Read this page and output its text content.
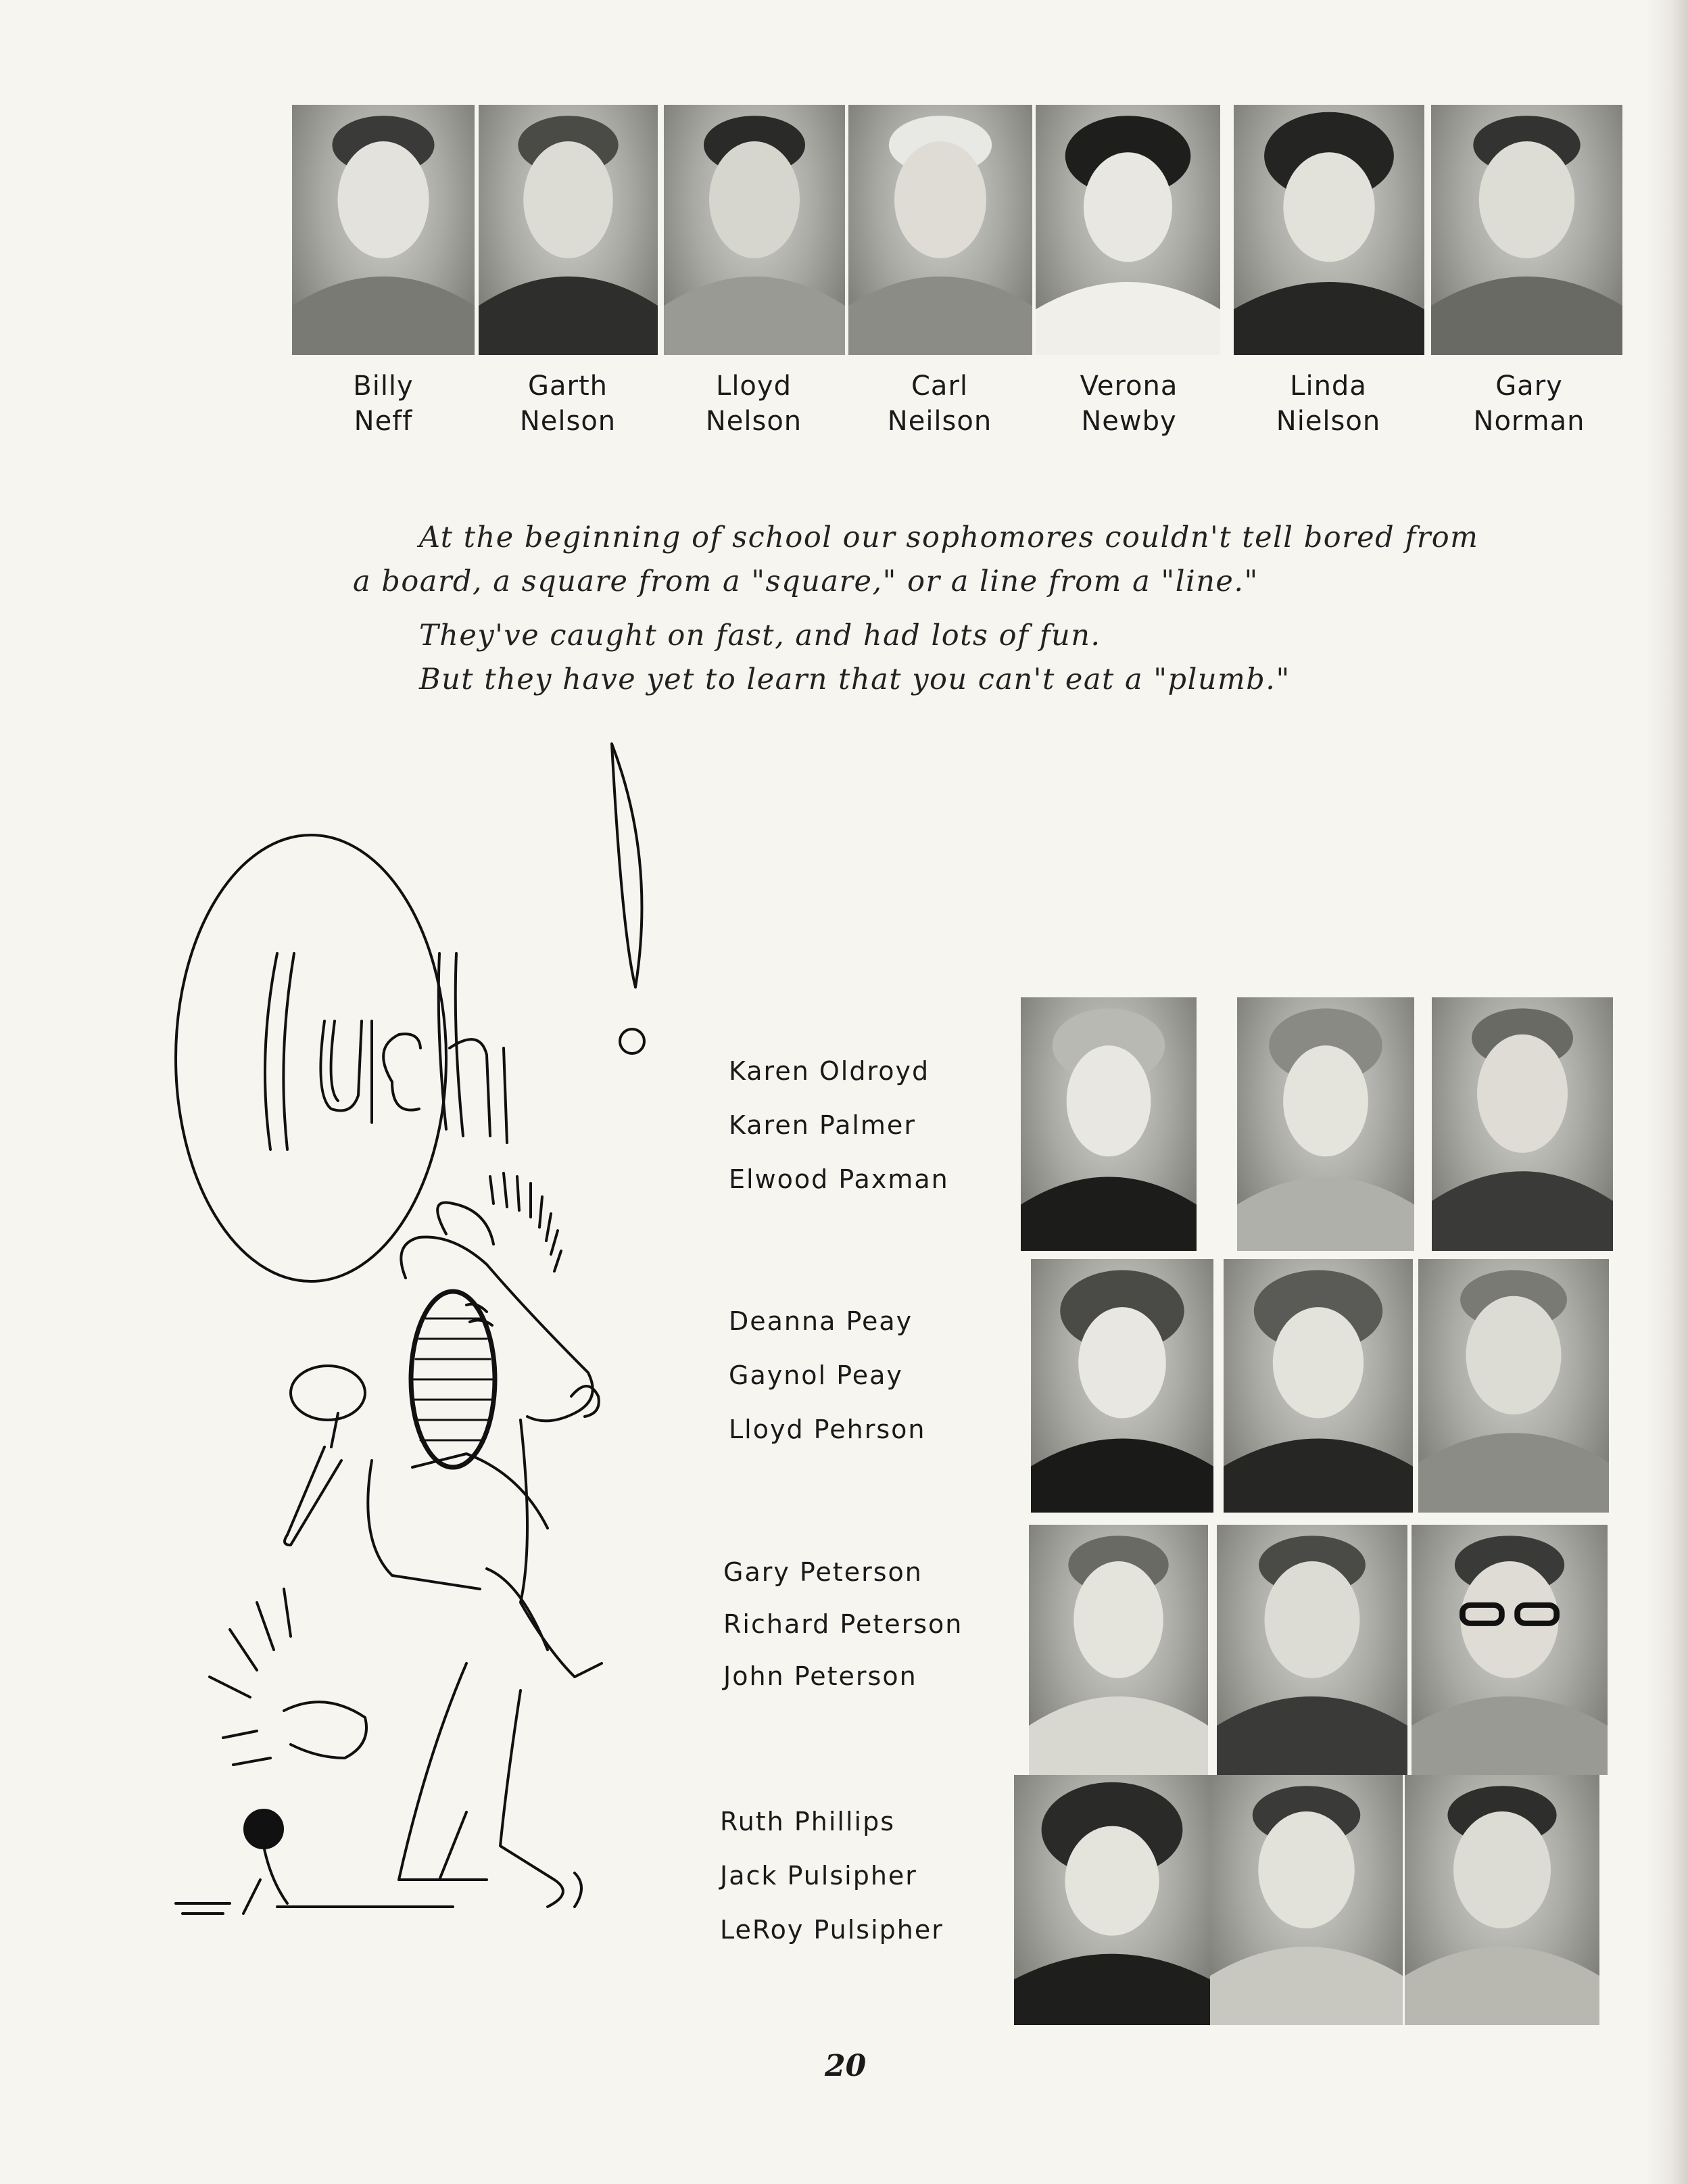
Billy
Neff
Garth
Nelson
Lloyd
Nelson
Carl
Neilson
Verona
Newby
Linda
Nielson
Gary
Norman
At the beginning of school our sophomores couldn't tell bored from
a board, a square from a "square," or a line from a "line."
They've caught on fast, and had lots of fun.
But they have yet to learn that you can't eat a "plumb."
Karen Oldroyd
Karen Palmer
Elwood Paxman
Deanna Peay
Gaynol Peay
Lloyd Pehrson
Gary Peterson
Richard Peterson
John Peterson
Ruth Phillips
Jack Pulsipher
LeRoy Pulsipher
20
